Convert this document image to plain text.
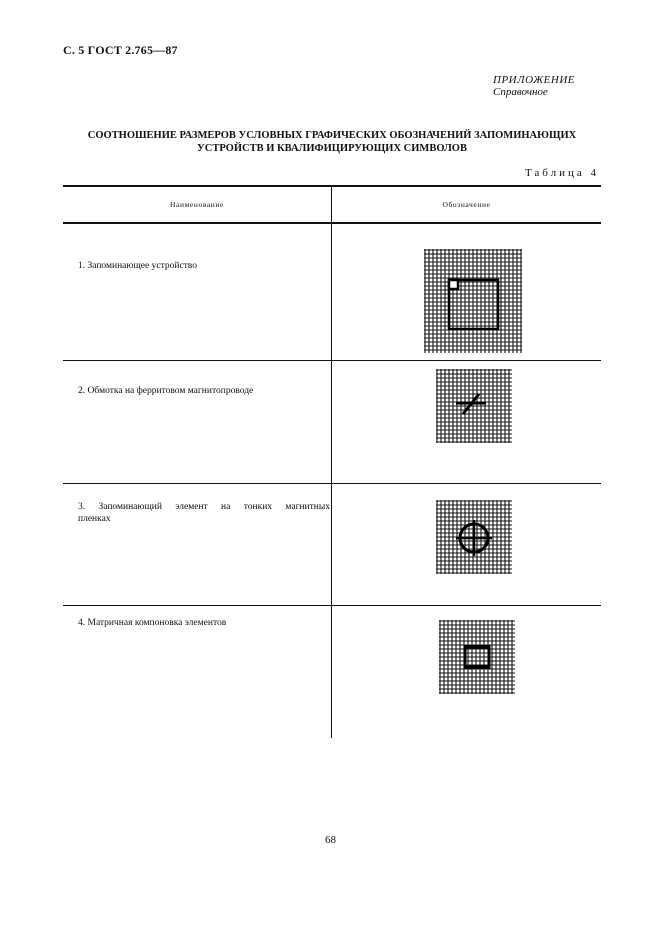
С. 5 ГОСТ 2.765—87
ПРИЛОЖЕНИЕ
Справочное
СООТНОШЕНИЕ РАЗМЕРОВ УСЛОВНЫХ ГРАФИЧЕСКИХ ОБОЗНАЧЕНИЙ ЗАПОМИНАЮЩИХ
УСТРОЙСТВ И КВАЛИФИЦИРУЮЩИХ СИМВОЛОВ
Таблица 4
Наименование	Обозначение
1. Запоминающее устройство
2. Обмотка на ферритовом магнитопроводе
3. Запоминающий элемент на тонких магнитных
пленках
4. Матричная компоновка элементов
68
